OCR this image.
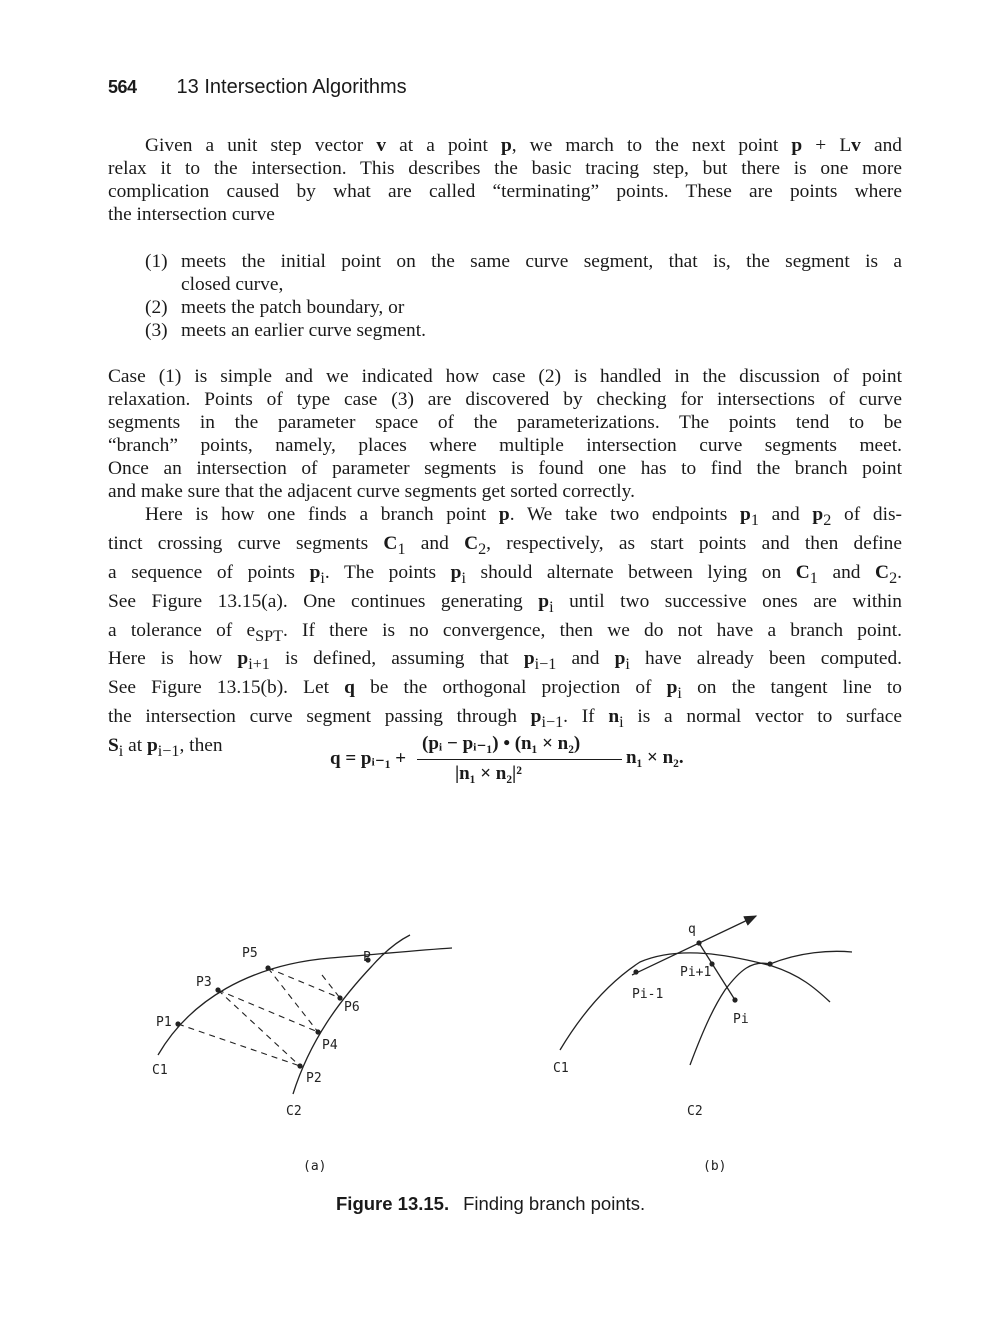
564 13 Intersection Algorithms
Given a unit step vector v at a point p, we march to the next point p + Lv and
relax it to the intersection. This describes the basic tracing step, but there is one more
complication caused by what are called “terminating” points. These are points where
the intersection curve
(1) meets the initial point on the same curve segment, that is, the segment is a
closed curve,
(2) meets the patch boundary, or
(3) meets an earlier curve segment.
Case (1) is simple and we indicated how case (2) is handled in the discussion of point
relaxation. Points of type case (3) are discovered by checking for intersections of curve
segments in the parameter space of the parameterizations. The points tend to be
“branch” points, namely, places where multiple intersection curve segments meet.
Once an intersection of parameter segments is found one has to find the branch point
and make sure that the adjacent curve segments get sorted correctly.
Here is how one finds a branch point p. We take two endpoints $p_1$ and $p_2$ of dis-
tinct crossing curve segments $C_1$ and $C_2$, respectively, as start points and then define
a sequence of points $p_i$. The points $p_i$ should alternate between lying on $C_1$ and $C_2$.
See Figure 13.15(a). One continues generating $p_i$ until two successive ones are within
a tolerance of $e_{SPT}$. If there is no convergence, then we do not have a branch point.
Here is how $p_{i+1}$ is defined, assuming that $p_{i-1}$ and $p_i$ have already been computed.
See Figure 13.15(b). Let q be the orthogonal projection of $p_i$ on the tangent line to
the intersection curve segment passing through $p_{i-1}$. If $n_i$ is a normal vector to surface
$S_i$ at $p_{i-1}$, then
q = pᵢ₋₁ +
(pᵢ − pᵢ₋₁) • (n₁ × n₂)
|n₁ × n₂|²
n₁ × n₂.
P5	P
P3
P6
P1
P4
C1
P2
C2
(a)
q
Pi+1
Pi-1
Pi
C1
C2
(b)
Figure 13.15. Finding branch points.
